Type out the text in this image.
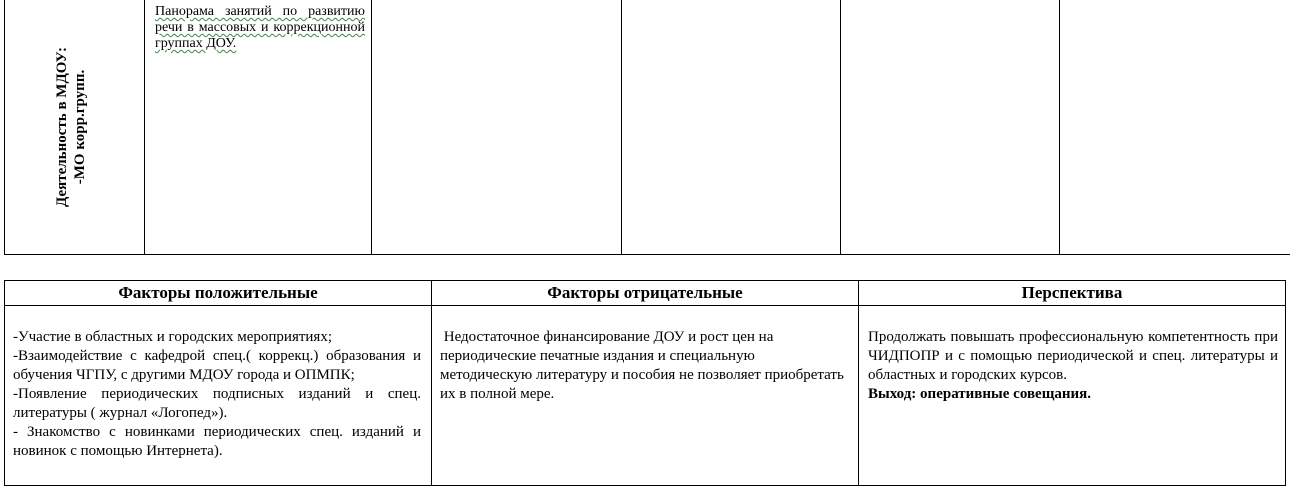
Деятельность в МДОУ: -МО корр.групп.
Панорама занятий по развитию речи в массовых и коррекционной группах ДОУ.
Факторы положительные	Факторы отрицательные	Перспектива

-Участие в областных и городских мероприятиях;

-Взаимодействие с кафедрой спец.( коррекц.) образования и обучения ЧГПУ, с другими МДОУ города и ОПМПК;

-Появление периодических подписных изданий и спец. литературы ( журнал «Логопед»).

- Знакомство с новинками периодических спец. изданий и новинок с помощью Интернета).

Недостаточное финансирование ДОУ и рост цен на периодические печатные издания и специальную методическую литературу и пособия не позволяет приобретать их в полной мере.

Продолжать повышать профессиональную компетентность при ЧИДПОПР и с помощью периодической и спец. литературы и областных и городских курсов.

Выход: оперативные совещания.
